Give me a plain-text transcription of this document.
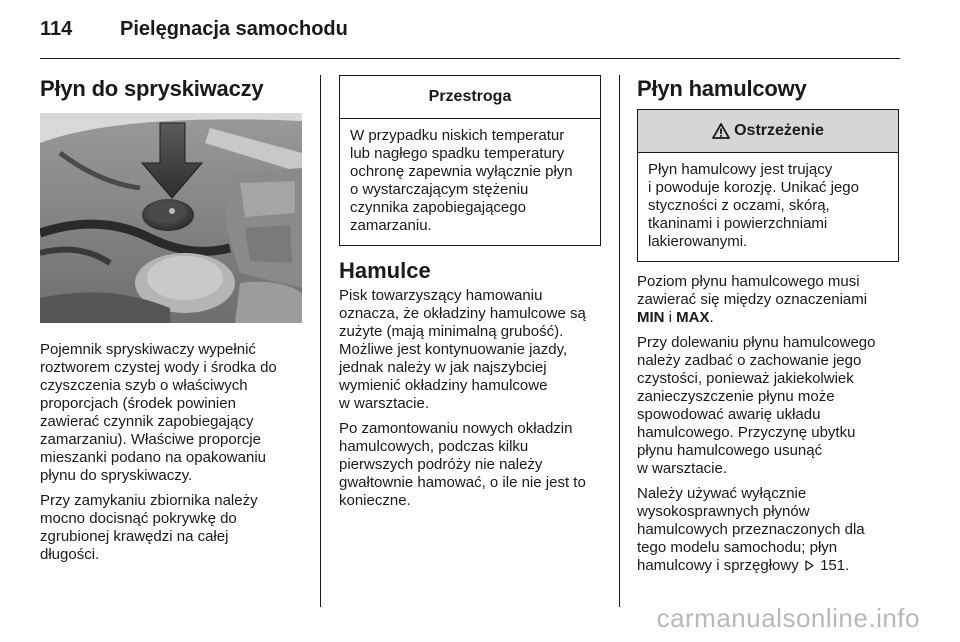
114 Pielęgnacja samochodu
Płyn do spryskiwaczy

Pojemnik spryskiwaczy wypełnić
roztworem czystej wody i środka do
czyszczenia szyb o właściwych
proporcjach (środek powinien
zawierać czynnik zapobiegający
zamarzaniu). Właściwe proporcje
mieszanki podano na opakowaniu
płynu do spryskiwaczy.

Przy zamykaniu zbiornika należy
mocno docisnąć pokrywkę do
zgrubionej krawędzi na całej
długości.

Przestroga
W przypadku niskich temperatur
lub nagłego spadku temperatury
ochronę zapewnia wyłącznie płyn
o wystarczającym stężeniu
czynnika zapobiegającego
zamarzaniu.
Hamulce

Pisk towarzyszący hamowaniu
oznacza, że okładziny hamulcowe są
zużyte (mają minimalną grubość).
Możliwe jest kontynuowanie jazdy,
jednak należy w jak najszybciej
wymienić okładziny hamulcowe
w warsztacie.

Po zamontowaniu nowych okładzin
hamulcowych, podczas kilku
pierwszych podróży nie należy
gwałtownie hamować, o ile nie jest to
konieczne.

Płyn hamulcowy
Ostrzeżenie
Płyn hamulcowy jest trujący
i powoduje korozję. Unikać jego
styczności z oczami, skórą,
tkaninami i powierzchniami
lakierowanymi.

Poziom płynu hamulcowego musi
zawierać się między oznaczeniami
MIN i MAX.

Przy dolewaniu płynu hamulcowego
należy zadbać o zachowanie jego
czystości, ponieważ jakiekolwiek
zanieczyszczenie płynu może
spowodować awarię układu
hamulcowego. Przyczynę ubytku
płynu hamulcowego usunąć
w warsztacie.

Należy używać wyłącznie
wysokosprawnych płynów
hamulcowych przeznaczonych dla
tego modelu samochodu; płyn
hamulcowy i sprzęgłowy 151.

carmanualsonline.info
